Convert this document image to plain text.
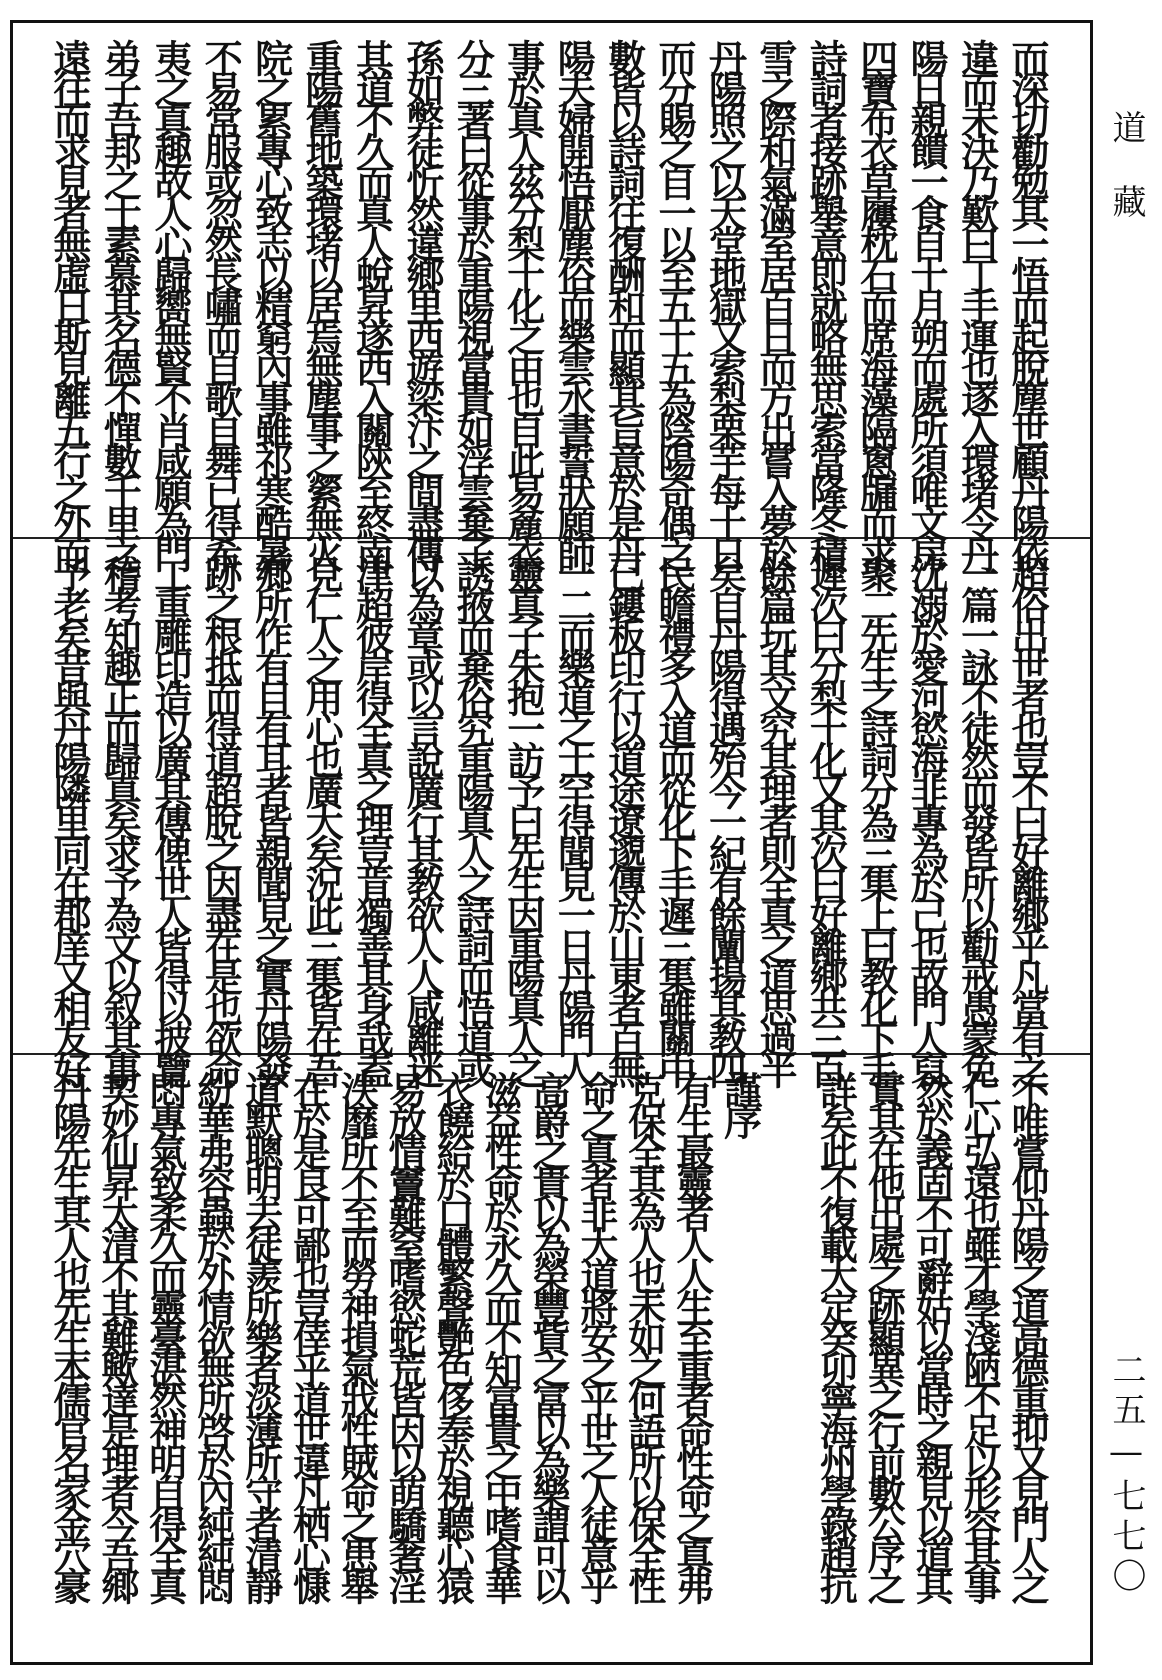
而深切勸勉其一悟而起脫塵世顧丹陽依
違而未決乃歎曰丁手運也遂入環堵令丹
陽日親饋一食自十月朔而處所須唯文房
四寶布衣草屨枕石而席海藻隔窻牖而求
詩詞者接跡舉意即就略無思索當隆冬積
雪之際和氣滿室居百日而方出嘗入夢於
丹陽照之以天堂地獄又索梨栗芋每十日
而分賜之自一以至五十五為陰陽奇偶之
數皆以詩詞往復酬和而顯其旨意於是丹
陽夫婦開悟厭塵俗而樂雲水書誓狀願師
事於真人茲分梨十化之由也自此易麄衣
分三著曰從事於重陽視富貴如浮雲棄子
孫如弊徒忻然違鄉里西遊梁汴之間盡傳
其道不久而真人蛻昇遂西入關陝至終南
重陽舊地築環堵以居焉無塵事之縈無火
院之累專心致志以精窮內事雖祁寒酷暑
不易常服或忽然長嘯而自歌自舞已得希
夷之真趣故人心歸嚮無賢不肖咸願為門
弟子吾邦之士素慕其名德不憚數千里之
遠往而求見者無虛日斯見離五行之外而
超俗出世者也豈不曰好離鄉乎凡當有之
一篇一詠不徒然而發皆所以勸戒愚蒙免
沈溺於愛河慾海非專為於己也故門人裒
聚二先生之詩詞分為三集上曰教化下手
遲次曰分梨十化又其次曰好離鄉共三百
餘篇玩其文究其理者則全真之道思過半
矣自丹陽得遇殆今一紀有餘闡揚其教四
民瞻禮多入道而從化下手遲三集雖關中
已鏤板印行以道途遼邈傳於山東者百無
一二而樂道之士罕得聞見一日丹陽門人
靈真子朱抱一訪予曰先生因重陽真人之
誘掖而棄俗究重陽真人之詩詞而悟道或
以為章或以言說廣行其教欲人人咸離迷
津超彼岸得全真之理豈肯獨善其身哉盍
見仁人之用心也廣大矣況此三集皆在吾
鄉所作有目有耳者皆親聞見之實丹陽發
跡之根抵而得道超脫之因盡在是也欲命
工重雕印造以廣其傳俾世人皆得以披覽
稽考知趣正而歸真矣求予為文以叙其事
予老矣昔與丹陽隣里同在郡庠又相友好
不唯嘗仰丹陽之道高德重抑又見門人之
仁心弘遠也雖才學淺陋不足以形容其事
然於義固不可辭姑以當時之親見以道其
實其在他出處之跡顯異之行前數公序之
詳矣此不復載大定癸卯寧海州學錄趙抗

謹序
有生最靈者人人生至重者命性命之真弗
克保全其為人也未如之何語所以保全性
命之真者非大道將安之乎世之人徒意乎
高爵之貴以為榮豐貲之富以為樂謂可以
滋益性命於永久而不知富貴之中嗜食華
衣饒給於口體繁聲艷色侈奉於視聽心猿
易放情竇難窒嗜慾蛇荒皆因以萌驕奢淫
泆靡所不至而勞神損氣戕性賊命之患舉
在於是良可鄙也豈倖乎道世違凡栖心慷
道默聰明去徒羨所樂者淡薄所守者清靜
紛華弗容蟲於外情欲無所啓於內純純悶
悶專氣致柔久而靈臺湛然神明自得全真
契妙仙昇太清不其難歟達是理者今吾鄉
丹陽先生其人也先生本儒官名家金穴豪
道藏
二五—七七〇
